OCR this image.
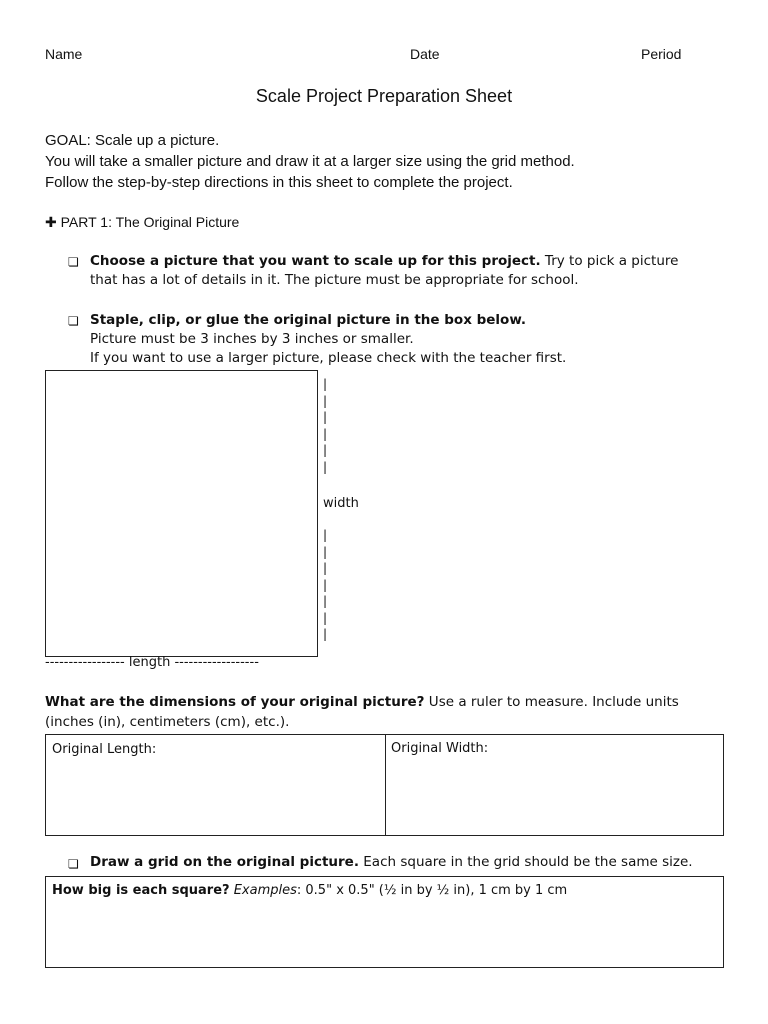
Name	Date	Period
Scale Project Preparation Sheet
GOAL: Scale up a picture.
You will take a smaller picture and draw it at a larger size using the grid method.
Follow the step-by-step directions in this sheet to complete the project.
✚ PART 1: The Original Picture
❏ Choose a picture that you want to scale up for this project. Try to pick a picture
that has a lot of details in it. The picture must be appropriate for school.
❏ Staple, clip, or glue the original picture in the box below.
Picture must be 3 inches by 3 inches or smaller.
If you want to use a larger picture, please check with the teacher first.
|
|
|
|
|
|
width
|
|
|
|
|
|
|
----------------- length ------------------
What are the dimensions of your original picture? Use a ruler to measure. Include units
(inches (in), centimeters (cm), etc.).
Original Length:	Original Width:
❏ Draw a grid on the original picture. Each square in the grid should be the same size.
How big is each square? Examples: 0.5" x 0.5" (½ in by ½ in), 1 cm by 1 cm
